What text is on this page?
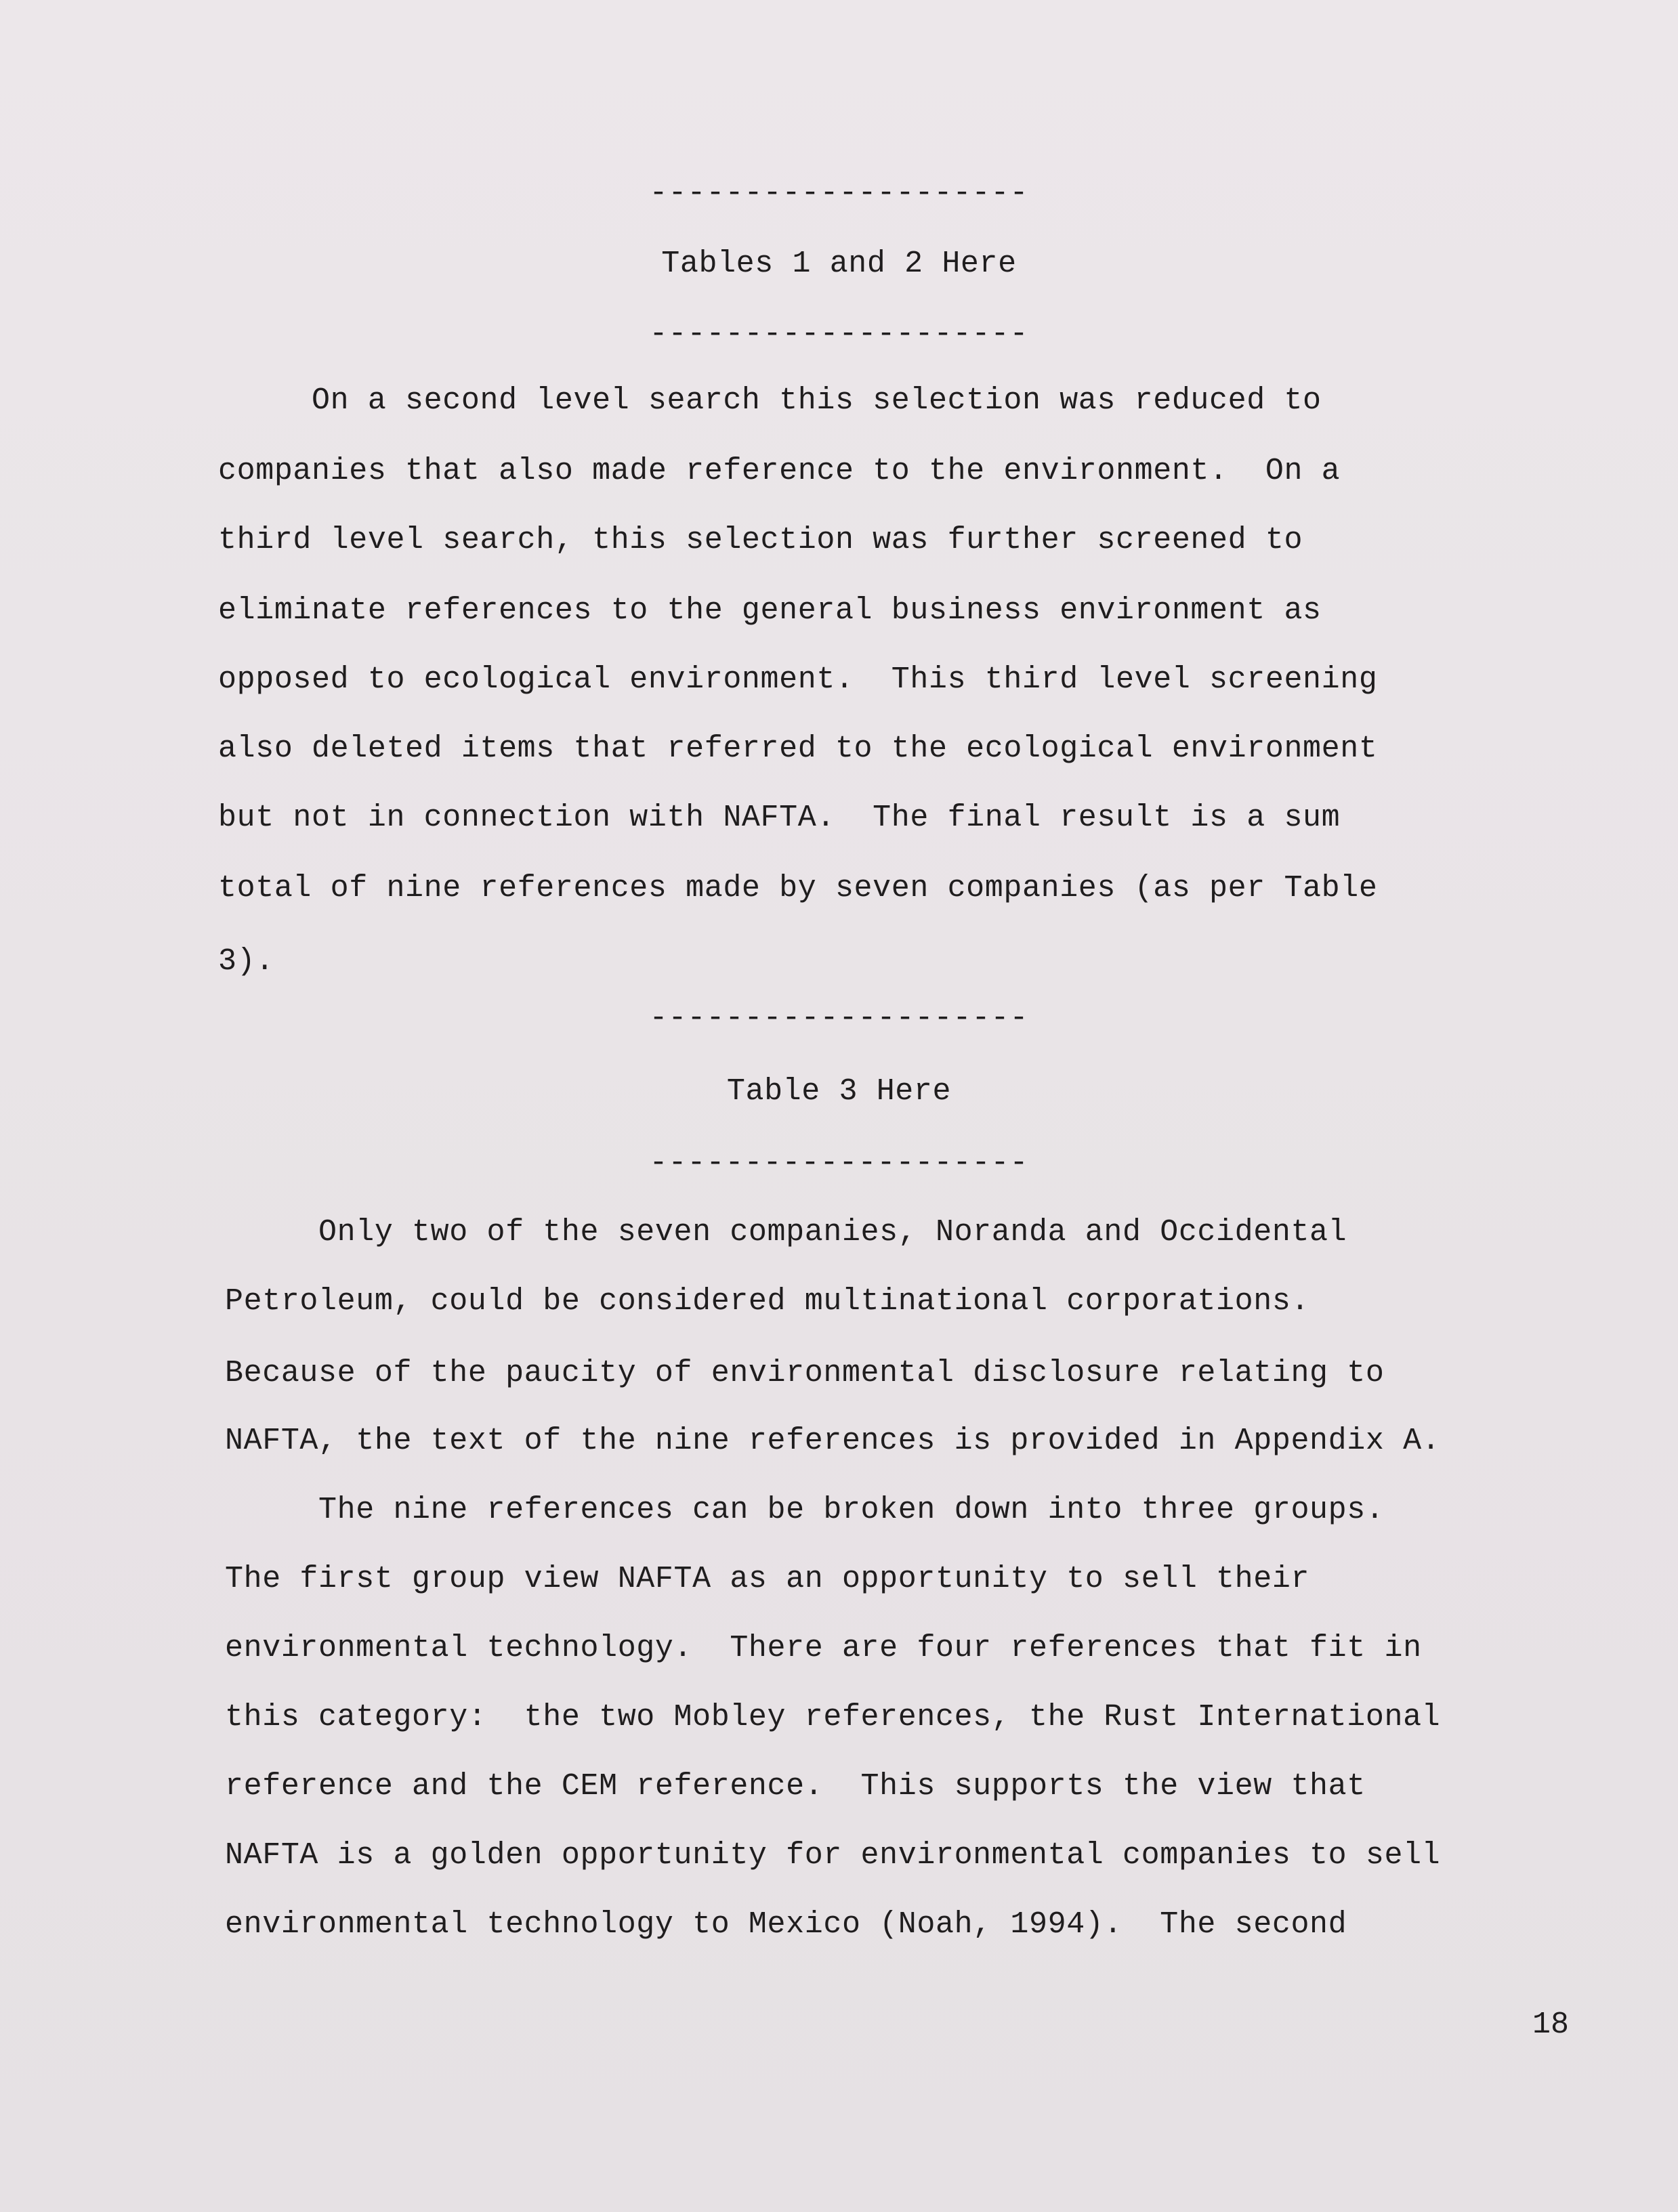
--------------------
Tables 1 and 2 Here
--------------------
On a second level search this selection was reduced to
companies that also made reference to the environment.  On a
third level search, this selection was further screened to
eliminate references to the general business environment as
opposed to ecological environment.  This third level screening
also deleted items that referred to the ecological environment
but not in connection with NAFTA.  The final result is a sum
total of nine references made by seven companies (as per Table
3).
--------------------
Table 3 Here
--------------------
Only two of the seven companies, Noranda and Occidental
Petroleum, could be considered multinational corporations.
Because of the paucity of environmental disclosure relating to
NAFTA, the text of the nine references is provided in Appendix A.
The nine references can be broken down into three groups.
The first group view NAFTA as an opportunity to sell their
environmental technology.  There are four references that fit in
this category:  the two Mobley references, the Rust International
reference and the CEM reference.  This supports the view that
NAFTA is a golden opportunity for environmental companies to sell
environmental technology to Mexico (Noah, 1994).  The second
18
